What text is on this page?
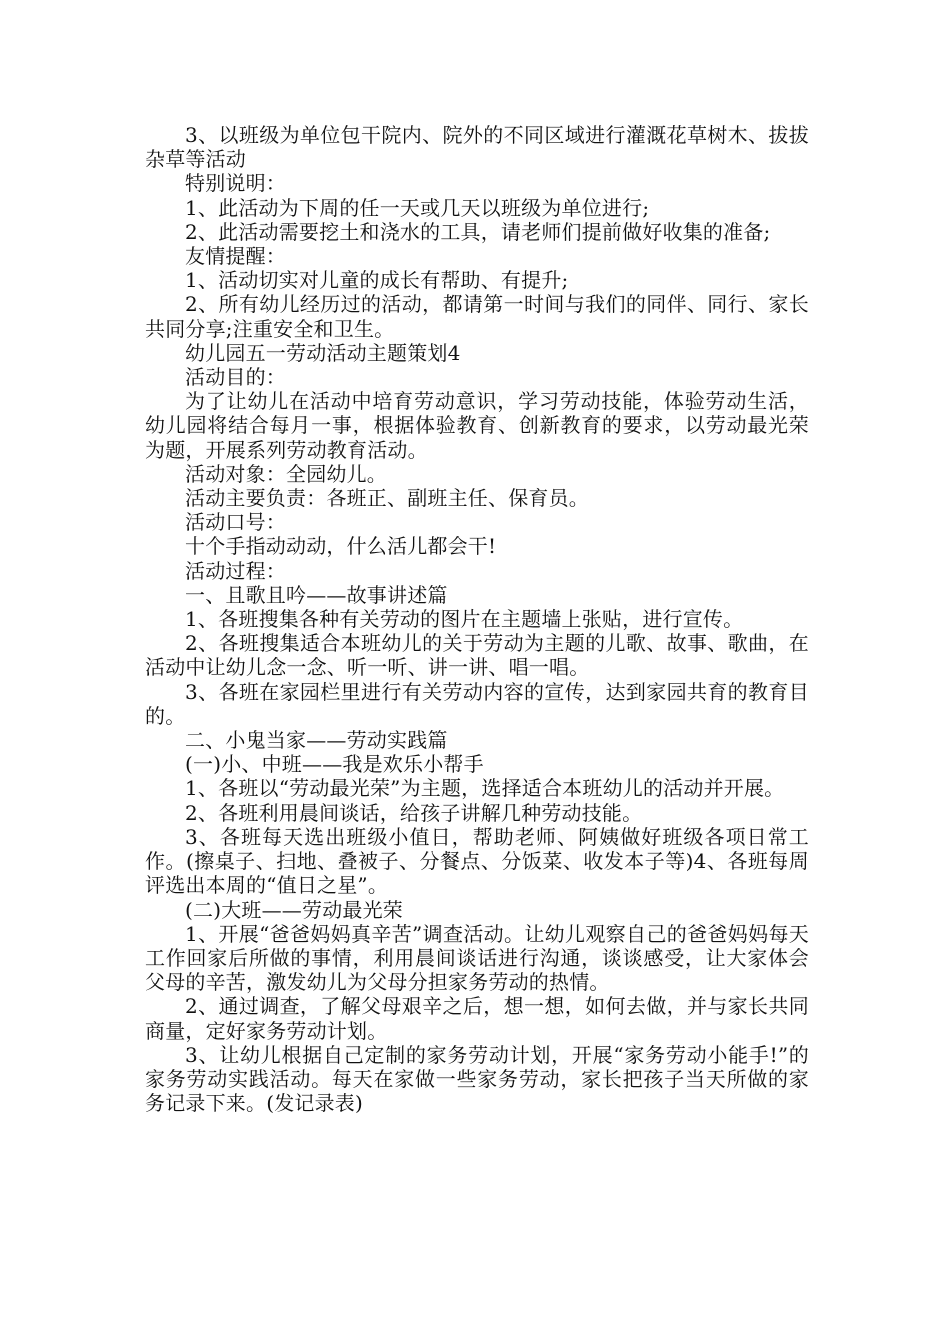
3、以班级为单位包干院内、院外的不同区域进行灌溉花草树木、拔拔杂草等活动

特别说明：

1、此活动为下周的任一天或几天以班级为单位进行;

2、此活动需要挖土和浇水的工具，请老师们提前做好收集的准备;

友情提醒：

1、活动切实对儿童的成长有帮助、有提升;

2、所有幼儿经历过的活动，都请第一时间与我们的同伴、同行、家长共同分享;注重安全和卫生。

幼儿园五一劳动活动主题策划4

活动目的：

为了让幼儿在活动中培育劳动意识，学习劳动技能，体验劳动生活，幼儿园将结合每月一事，根据体验教育、创新教育的要求，以劳动最光荣为题，开展系列劳动教育活动。

活动对象：全园幼儿。

活动主要负责：各班正、副班主任、保育员。

活动口号：

十个手指动动动，什么活儿都会干!

活动过程：

一、且歌且吟——故事讲述篇

1、各班搜集各种有关劳动的图片在主题墙上张贴，进行宣传。

2、各班搜集适合本班幼儿的关于劳动为主题的儿歌、故事、歌曲，在活动中让幼儿念一念、听一听、讲一讲、唱一唱。

3、各班在家园栏里进行有关劳动内容的宣传，达到家园共育的教育目的。

二、小鬼当家——劳动实践篇

(一)小、中班——我是欢乐小帮手

1、各班以“劳动最光荣”为主题，选择适合本班幼儿的活动并开展。

2、各班利用晨间谈话，给孩子讲解几种劳动技能。

3、各班每天选出班级小值日，帮助老师、阿姨做好班级各项日常工作。(擦桌子、扫地、叠被子、分餐点、分饭菜、收发本子等)4、各班每周评选出本周的“值日之星”。

(二)大班——劳动最光荣

1、开展“爸爸妈妈真辛苦”调查活动。让幼儿观察自己的爸爸妈妈每天工作回家后所做的事情，利用晨间谈话进行沟通，谈谈感受，让大家体会父母的辛苦，激发幼儿为父母分担家务劳动的热情。

2、通过调查，了解父母艰辛之后，想一想，如何去做，并与家长共同商量，定好家务劳动计划。

3、让幼儿根据自己定制的家务劳动计划，开展“家务劳动小能手!”的家务劳动实践活动。每天在家做一些家务劳动，家长把孩子当天所做的家务记录下来。(发记录表)
